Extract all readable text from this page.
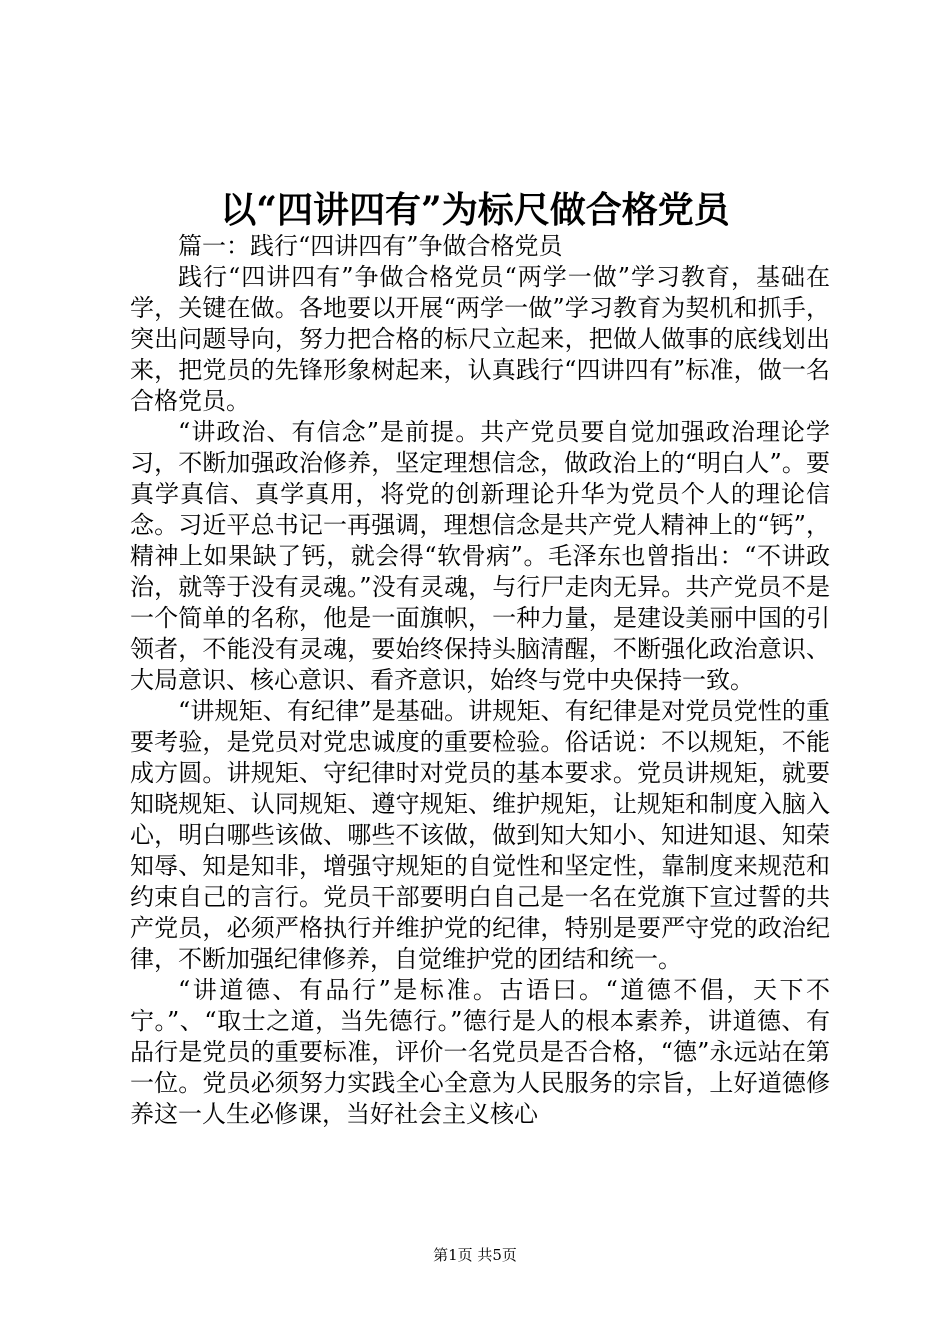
以“四讲四有”为标尺做合格党员

篇一：践行“四讲四有”争做合格党员

践行“四讲四有”争做合格党员“两学一做”学习教育，基础在学，关键在做。各地要以开展“两学一做”学习教育为契机和抓手，突出问题导向，努力把合格的标尺立起来，把做人做事的底线划出来，把党员的先锋形象树起来，认真践行“四讲四有”标准，做一名合格党员。

“讲政治、有信念”是前提。共产党员要自觉加强政治理论学习，不断加强政治修养，坚定理想信念，做政治上的“明白人”。要真学真信、真学真用，将党的创新理论升华为党员个人的理论信念。习近平总书记一再强调，理想信念是共产党人精神上的“钙”，精神上如果缺了钙，就会得“软骨病”。毛泽东也曾指出：“不讲政治，就等于没有灵魂。”没有灵魂，与行尸走肉无异。共产党员不是一个简单的名称，他是一面旗帜，一种力量，是建设美丽中国的引领者，不能没有灵魂，要始终保持头脑清醒，不断强化政治意识、大局意识、核心意识、看齐意识，始终与党中央保持一致。

“讲规矩、有纪律”是基础。讲规矩、有纪律是对党员党性的重要考验，是党员对党忠诚度的重要检验。俗话说：不以规矩，不能成方圆。讲规矩、守纪律时对党员的基本要求。党员讲规矩，就要知晓规矩、认同规矩、遵守规矩、维护规矩，让规矩和制度入脑入心，明白哪些该做、哪些不该做，做到知大知小、知进知退、知荣知辱、知是知非，增强守规矩的自觉性和坚定性，靠制度来规范和约束自己的言行。党员干部要明白自己是一名在党旗下宣过誓的共产党员，必须严格执行并维护党的纪律，特别是要严守党的政治纪律，不断加强纪律修养，自觉维护党的团结和统一。

“讲道德、有品行”是标准。古语曰。“道德不倡，天下不宁。”、“取士之道，当先德行。”德行是人的根本素养，讲道德、有品行是党员的重要标准，评价一名党员是否合格，“德”永远站在第一位。党员必须努力实践全心全意为人民服务的宗旨，上好道德修养这一人生必修课，当好社会主义核心

第1页 共5页
